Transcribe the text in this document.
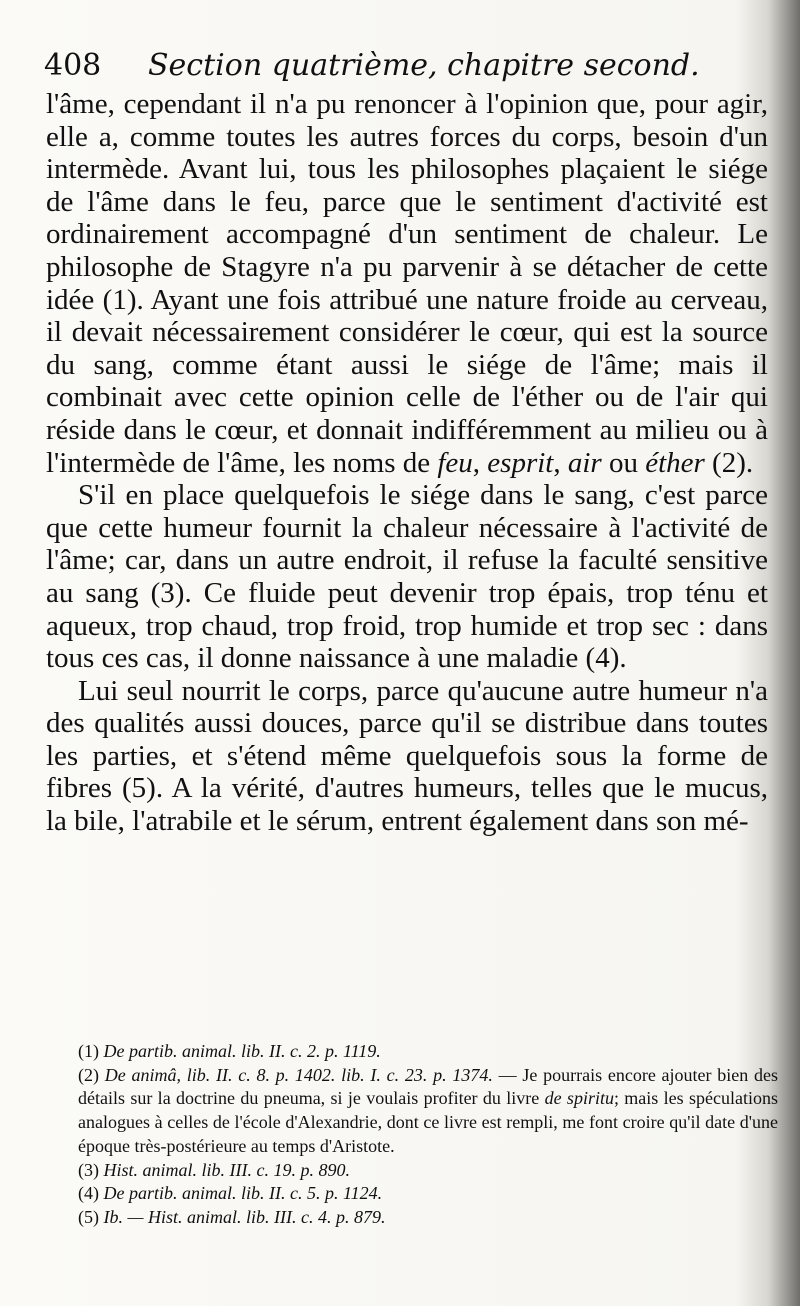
408 Section quatrième, chapitre second.

l'âme, cependant il n'a pu renoncer à l'opinion que, pour agir, elle a, comme toutes les autres forces du corps, besoin d'un intermède. Avant lui, tous les philosophes plaçaient le siége de l'âme dans le feu, parce que le sentiment d'activité est ordinairement accompagné d'un sentiment de chaleur. Le philosophe de Stagyre n'a pu parvenir à se détacher de cette idée (1). Ayant une fois attribué une nature froide au cerveau, il devait nécessairement considérer le cœur, qui est la source du sang, comme étant aussi le siége de l'âme; mais il combinait avec cette opinion celle de l'éther ou de l'air qui réside dans le cœur, et donnait indifféremment au milieu ou à l'intermède de l'âme, les noms de feu, esprit, air ou éther (2).

S'il en place quelquefois le siége dans le sang, c'est parce que cette humeur fournit la chaleur nécessaire à l'activité de l'âme; car, dans un autre endroit, il refuse la faculté sensitive au sang (3). Ce fluide peut devenir trop épais, trop ténu et aqueux, trop chaud, trop froid, trop humide et trop sec : dans tous ces cas, il donne naissance à une maladie (4).

Lui seul nourrit le corps, parce qu'aucune autre humeur n'a des qualités aussi douces, parce qu'il se distribue dans toutes les parties, et s'étend même quelquefois sous la forme de fibres (5). A la vérité, d'autres humeurs, telles que le mucus, la bile, l'atrabile et le sérum, entrent également dans son mé-

(1) De partib. animal. lib. II. c. 2. p. 1119.

(2) De animâ, lib. II. c. 8. p. 1402. lib. I. c. 23. p. 1374. — Je pourrais encore ajouter bien des détails sur la doctrine du pneuma, si je voulais profiter du livre de spiritu; mais les spéculations analogues à celles de l'école d'Alexandrie, dont ce livre est rempli, me font croire qu'il date d'une époque très-postérieure au temps d'Aristote.

(3) Hist. animal. lib. III. c. 19. p. 890.

(4) De partib. animal. lib. II. c. 5. p. 1124.

(5) Ib. — Hist. animal. lib. III. c. 4. p. 879.
